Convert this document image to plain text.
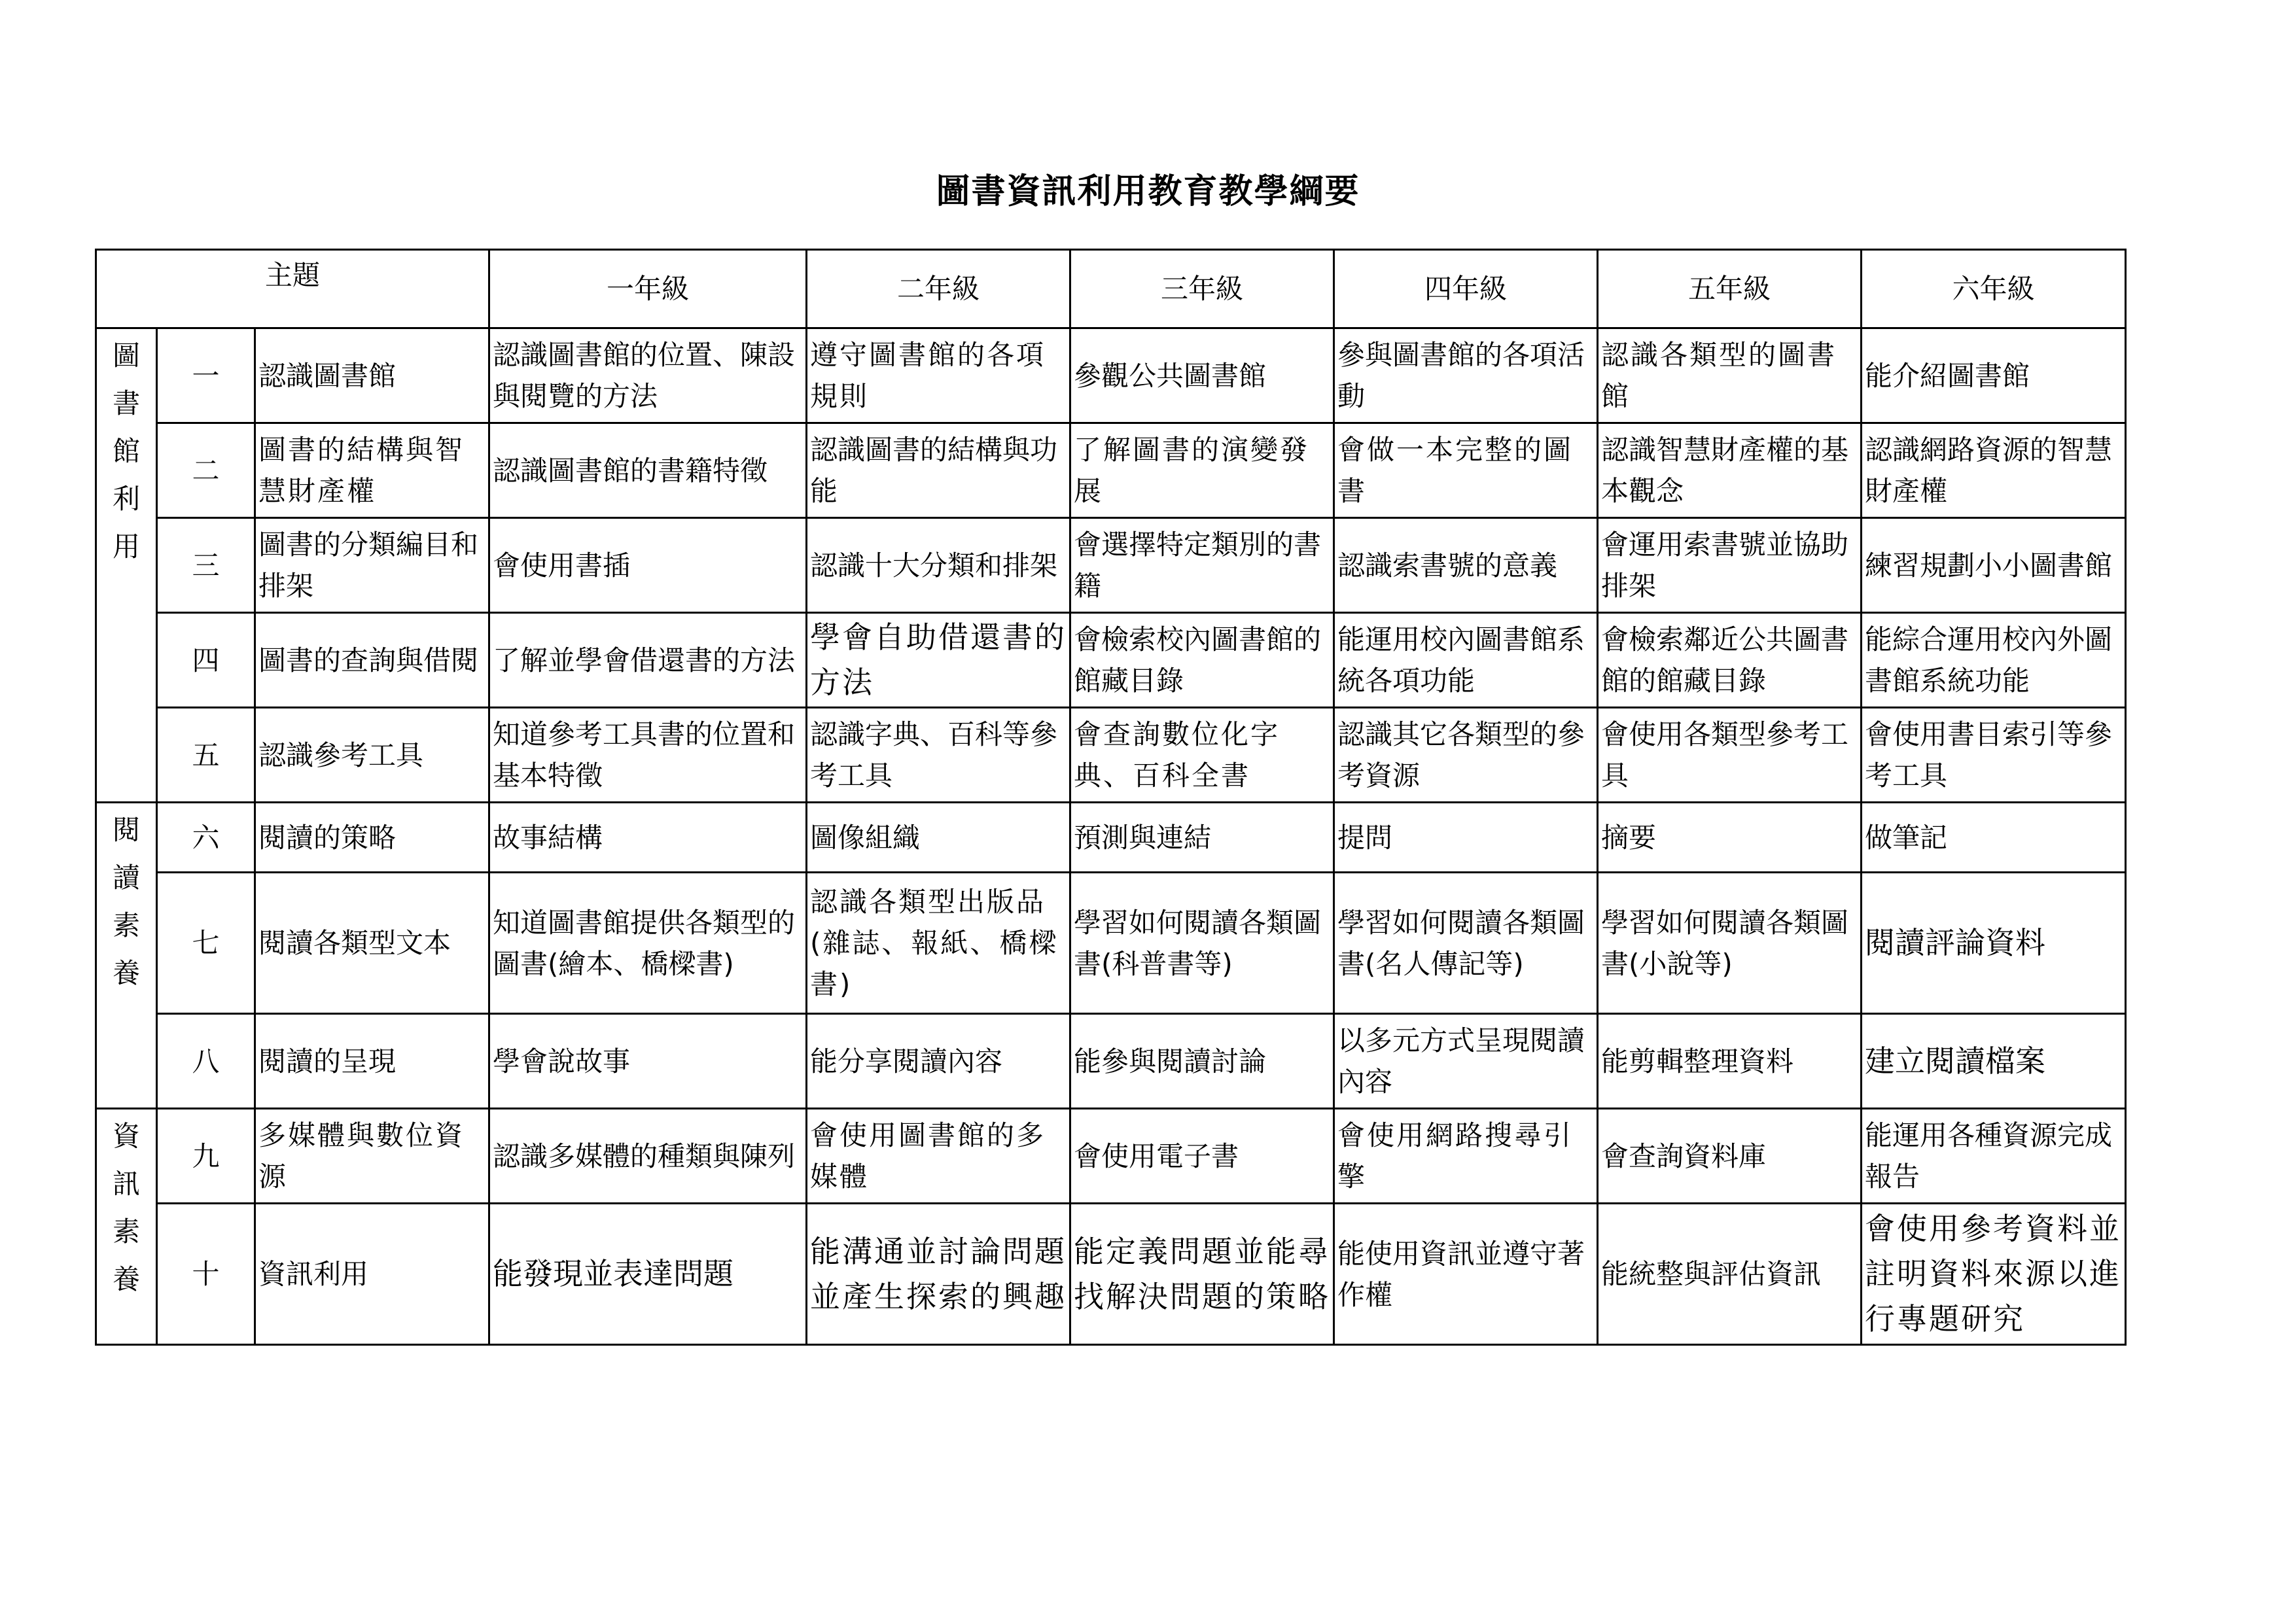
圖書資訊利用教育教學綱要
主題			一年級	二年級	三年級	四年級	五年級	六年級

圖
書
館
利
用	一	認識圖書館	認識圖書館的位置、陳設與閱覽的方法	遵守圖書館的各項規則	參觀公共圖書館	參與圖書館的各項活動	認識各類型的圖書館	能介紹圖書館
	二	圖書的結構與智慧財產權	認識圖書館的書籍特徵	認識圖書的結構與功能	了解圖書的演變發展	會做一本完整的圖書	認識智慧財產權的基本觀念	認識網路資源的智慧財產權
	三	圖書的分類編目和排架	會使用書插	認識十大分類和排架	會選擇特定類別的書籍	認識索書號的意義	會運用索書號並協助排架	練習規劃小小圖書館
	四	圖書的查詢與借閱	了解並學會借還書的方法	學會自助借還書的方法	會檢索校內圖書館的館藏目錄	能運用校內圖書館系統各項功能	會檢索鄰近公共圖書館的館藏目錄	能綜合運用校內外圖書館系統功能
	五	認識參考工具	知道參考工具書的位置和基本特徵	認識字典、百科等參考工具	會查詢數位化字典、百科全書	認識其它各類型的參考資源	會使用各類型參考工具	會使用書目索引等參考工具

閱
讀
素
養	六	閱讀的策略	故事結構	圖像組織	預測與連結	提問	摘要	做筆記
	七	閱讀各類型文本	知道圖書館提供各類型的圖書(繪本、橋樑書)	認識各類型出版品(雜誌、報紙、橋樑書)	學習如何閱讀各類圖書(科普書等)	學習如何閱讀各類圖書(名人傳記等)	學習如何閱讀各類圖書(小說等)	閱讀評論資料
	八	閱讀的呈現	學會說故事	能分享閱讀內容	能參與閱讀討論	以多元方式呈現閱讀內容	能剪輯整理資料	建立閱讀檔案

資
訊
素
養	九	多媒體與數位資源	認識多媒體的種類與陳列	會使用圖書館的多媒體	會使用電子書	會使用網路搜尋引擎	會查詢資料庫	能運用各種資源完成報告
	十	資訊利用	能發現並表達問題	能溝通並討論問題並產生探索的興趣	能定義問題並能尋找解決問題的策略	能使用資訊並遵守著作權	能統整與評估資訊	會使用參考資料並註明資料來源以進行專題研究
